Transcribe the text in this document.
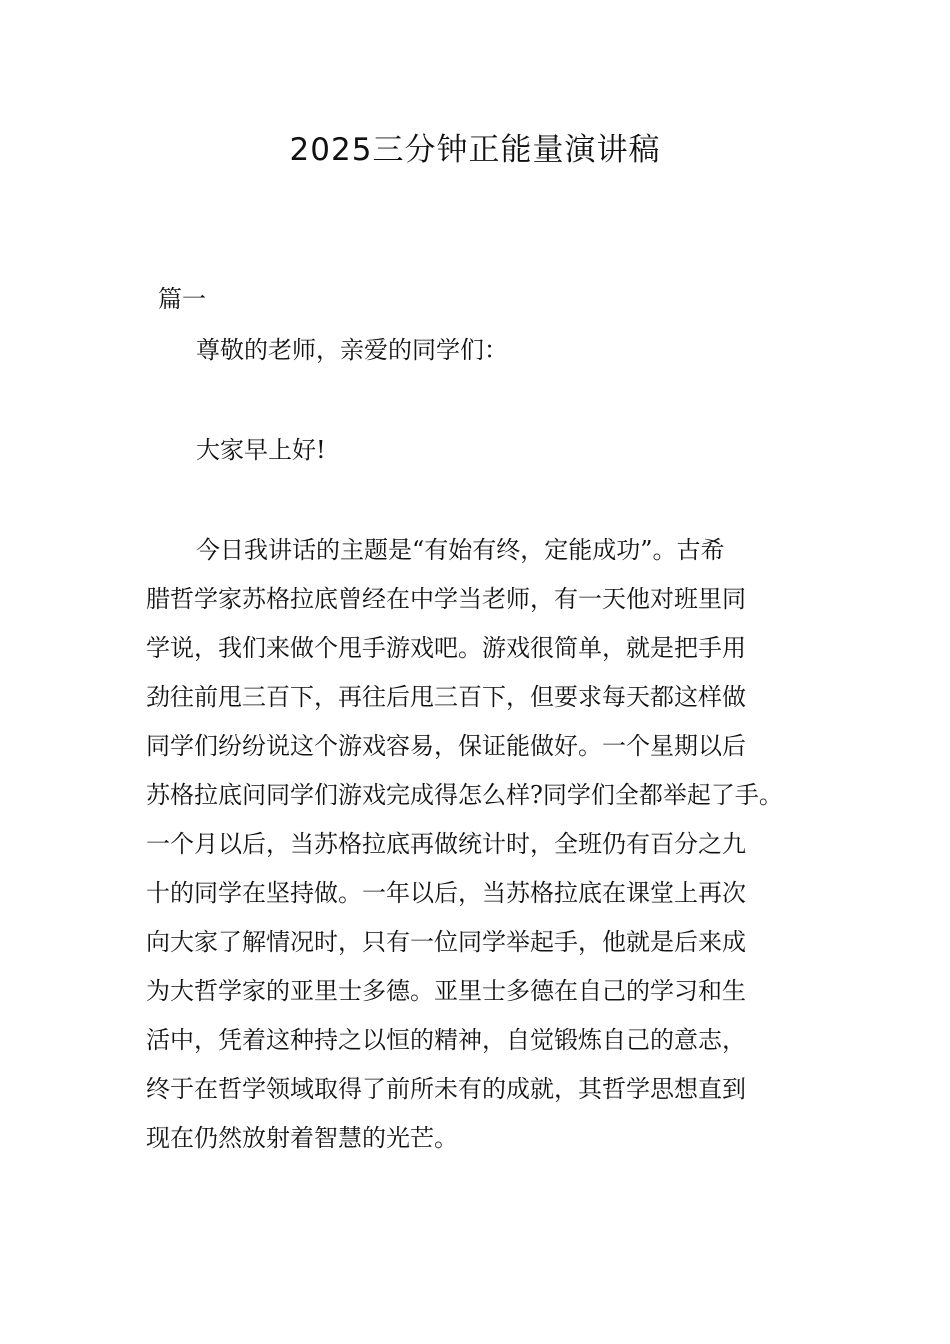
2025三分钟正能量演讲稿

篇一

尊敬的老师，亲爱的同学们：

大家早上好!

今日我讲话的主题是“有始有终，定能成功”。古希
腊哲学家苏格拉底曾经在中学当老师，有一天他对班里同
学说，我们来做个甩手游戏吧。游戏很简单，就是把手用
劲往前甩三百下，再往后甩三百下，但要求每天都这样做
同学们纷纷说这个游戏容易，保证能做好。一个星期以后
苏格拉底问同学们游戏完成得怎么样?同学们全都举起了手。
一个月以后，当苏格拉底再做统计时，全班仍有百分之九
十的同学在坚持做。一年以后，当苏格拉底在课堂上再次
向大家了解情况时，只有一位同学举起手，他就是后来成
为大哲学家的亚里士多德。亚里士多德在自己的学习和生
活中，凭着这种持之以恒的精神，自觉锻炼自己的意志，
终于在哲学领域取得了前所未有的成就，其哲学思想直到
现在仍然放射着智慧的光芒。
